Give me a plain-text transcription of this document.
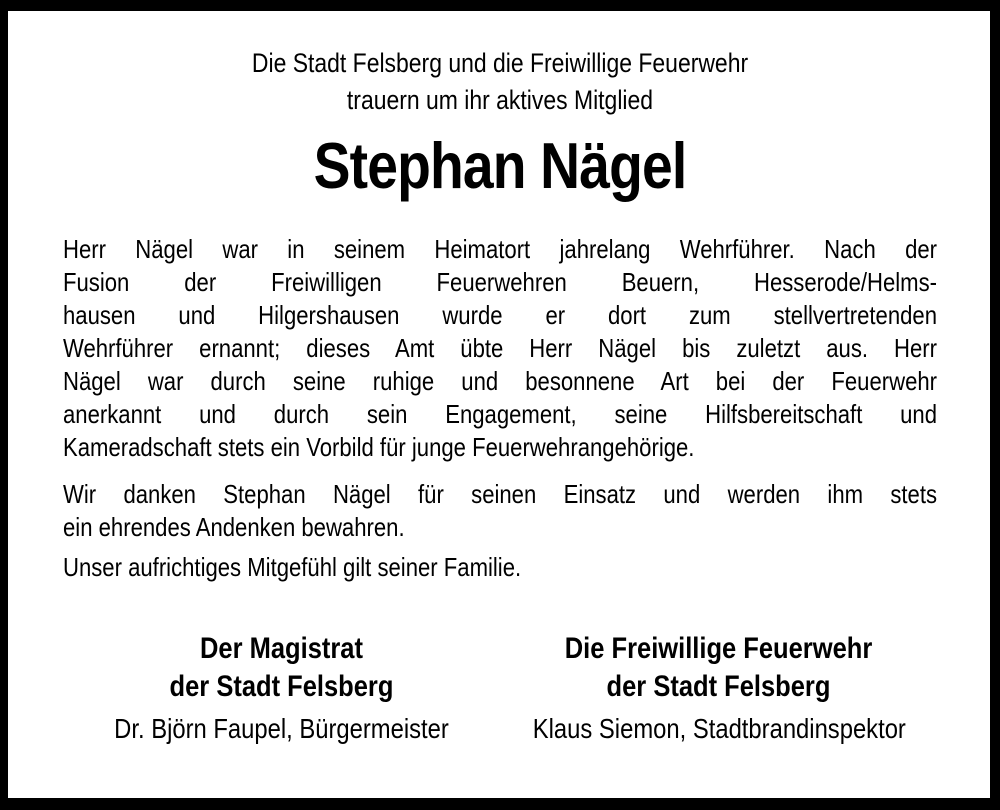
Die Stadt Felsberg und die Freiwillige Feuerwehr
trauern um ihr aktives Mitglied
Stephan Nägel
Herr Nägel war in seinem Heimatort jahrelang Wehrführer. Nach der
Fusion der Freiwilligen Feuerwehren Beuern, Hesserode/Helms-
hausen und Hilgershausen wurde er dort zum stellvertretenden
Wehrführer ernannt; dieses Amt übte Herr Nägel bis zuletzt aus. Herr
Nägel war durch seine ruhige und besonnene Art bei der Feuerwehr
anerkannt und durch sein Engagement, seine Hilfsbereitschaft und
Kameradschaft stets ein Vorbild für junge Feuerwehrangehörige.
Wir danken Stephan Nägel für seinen Einsatz und werden ihm stets
ein ehrendes Andenken bewahren.
Unser aufrichtiges Mitgefühl gilt seiner Familie.
Der Magistrat
der Stadt Felsberg
Dr. Björn Faupel, Bürgermeister
Die Freiwillige Feuerwehr
der Stadt Felsberg
Klaus Siemon, Stadtbrandinspektor
